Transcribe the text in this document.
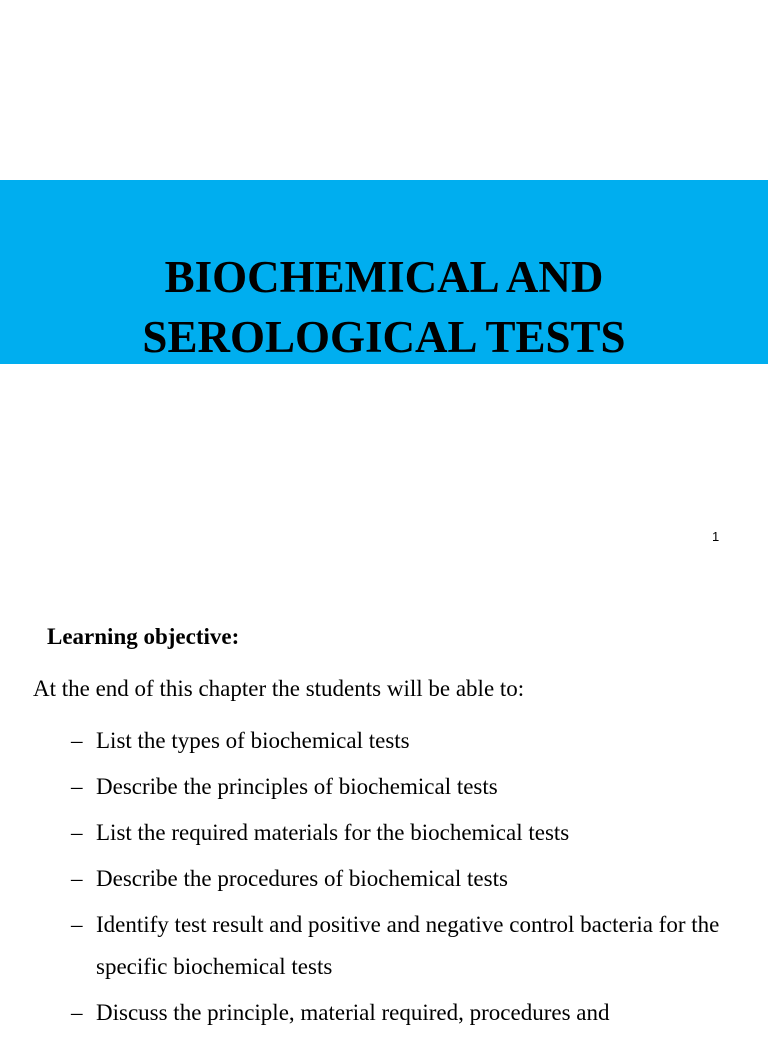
BIOCHEMICAL AND
SEROLOGICAL TESTS
1
Learning objective:

At the end of this chapter the students will be able to:

– List the types of biochemical tests
– Describe the principles of biochemical tests
– List the required materials for the biochemical tests
– Describe the procedures of biochemical tests
– Identify test result and positive and negative control bacteria for the specific biochemical tests
– Discuss the principle, material required, procedures and
